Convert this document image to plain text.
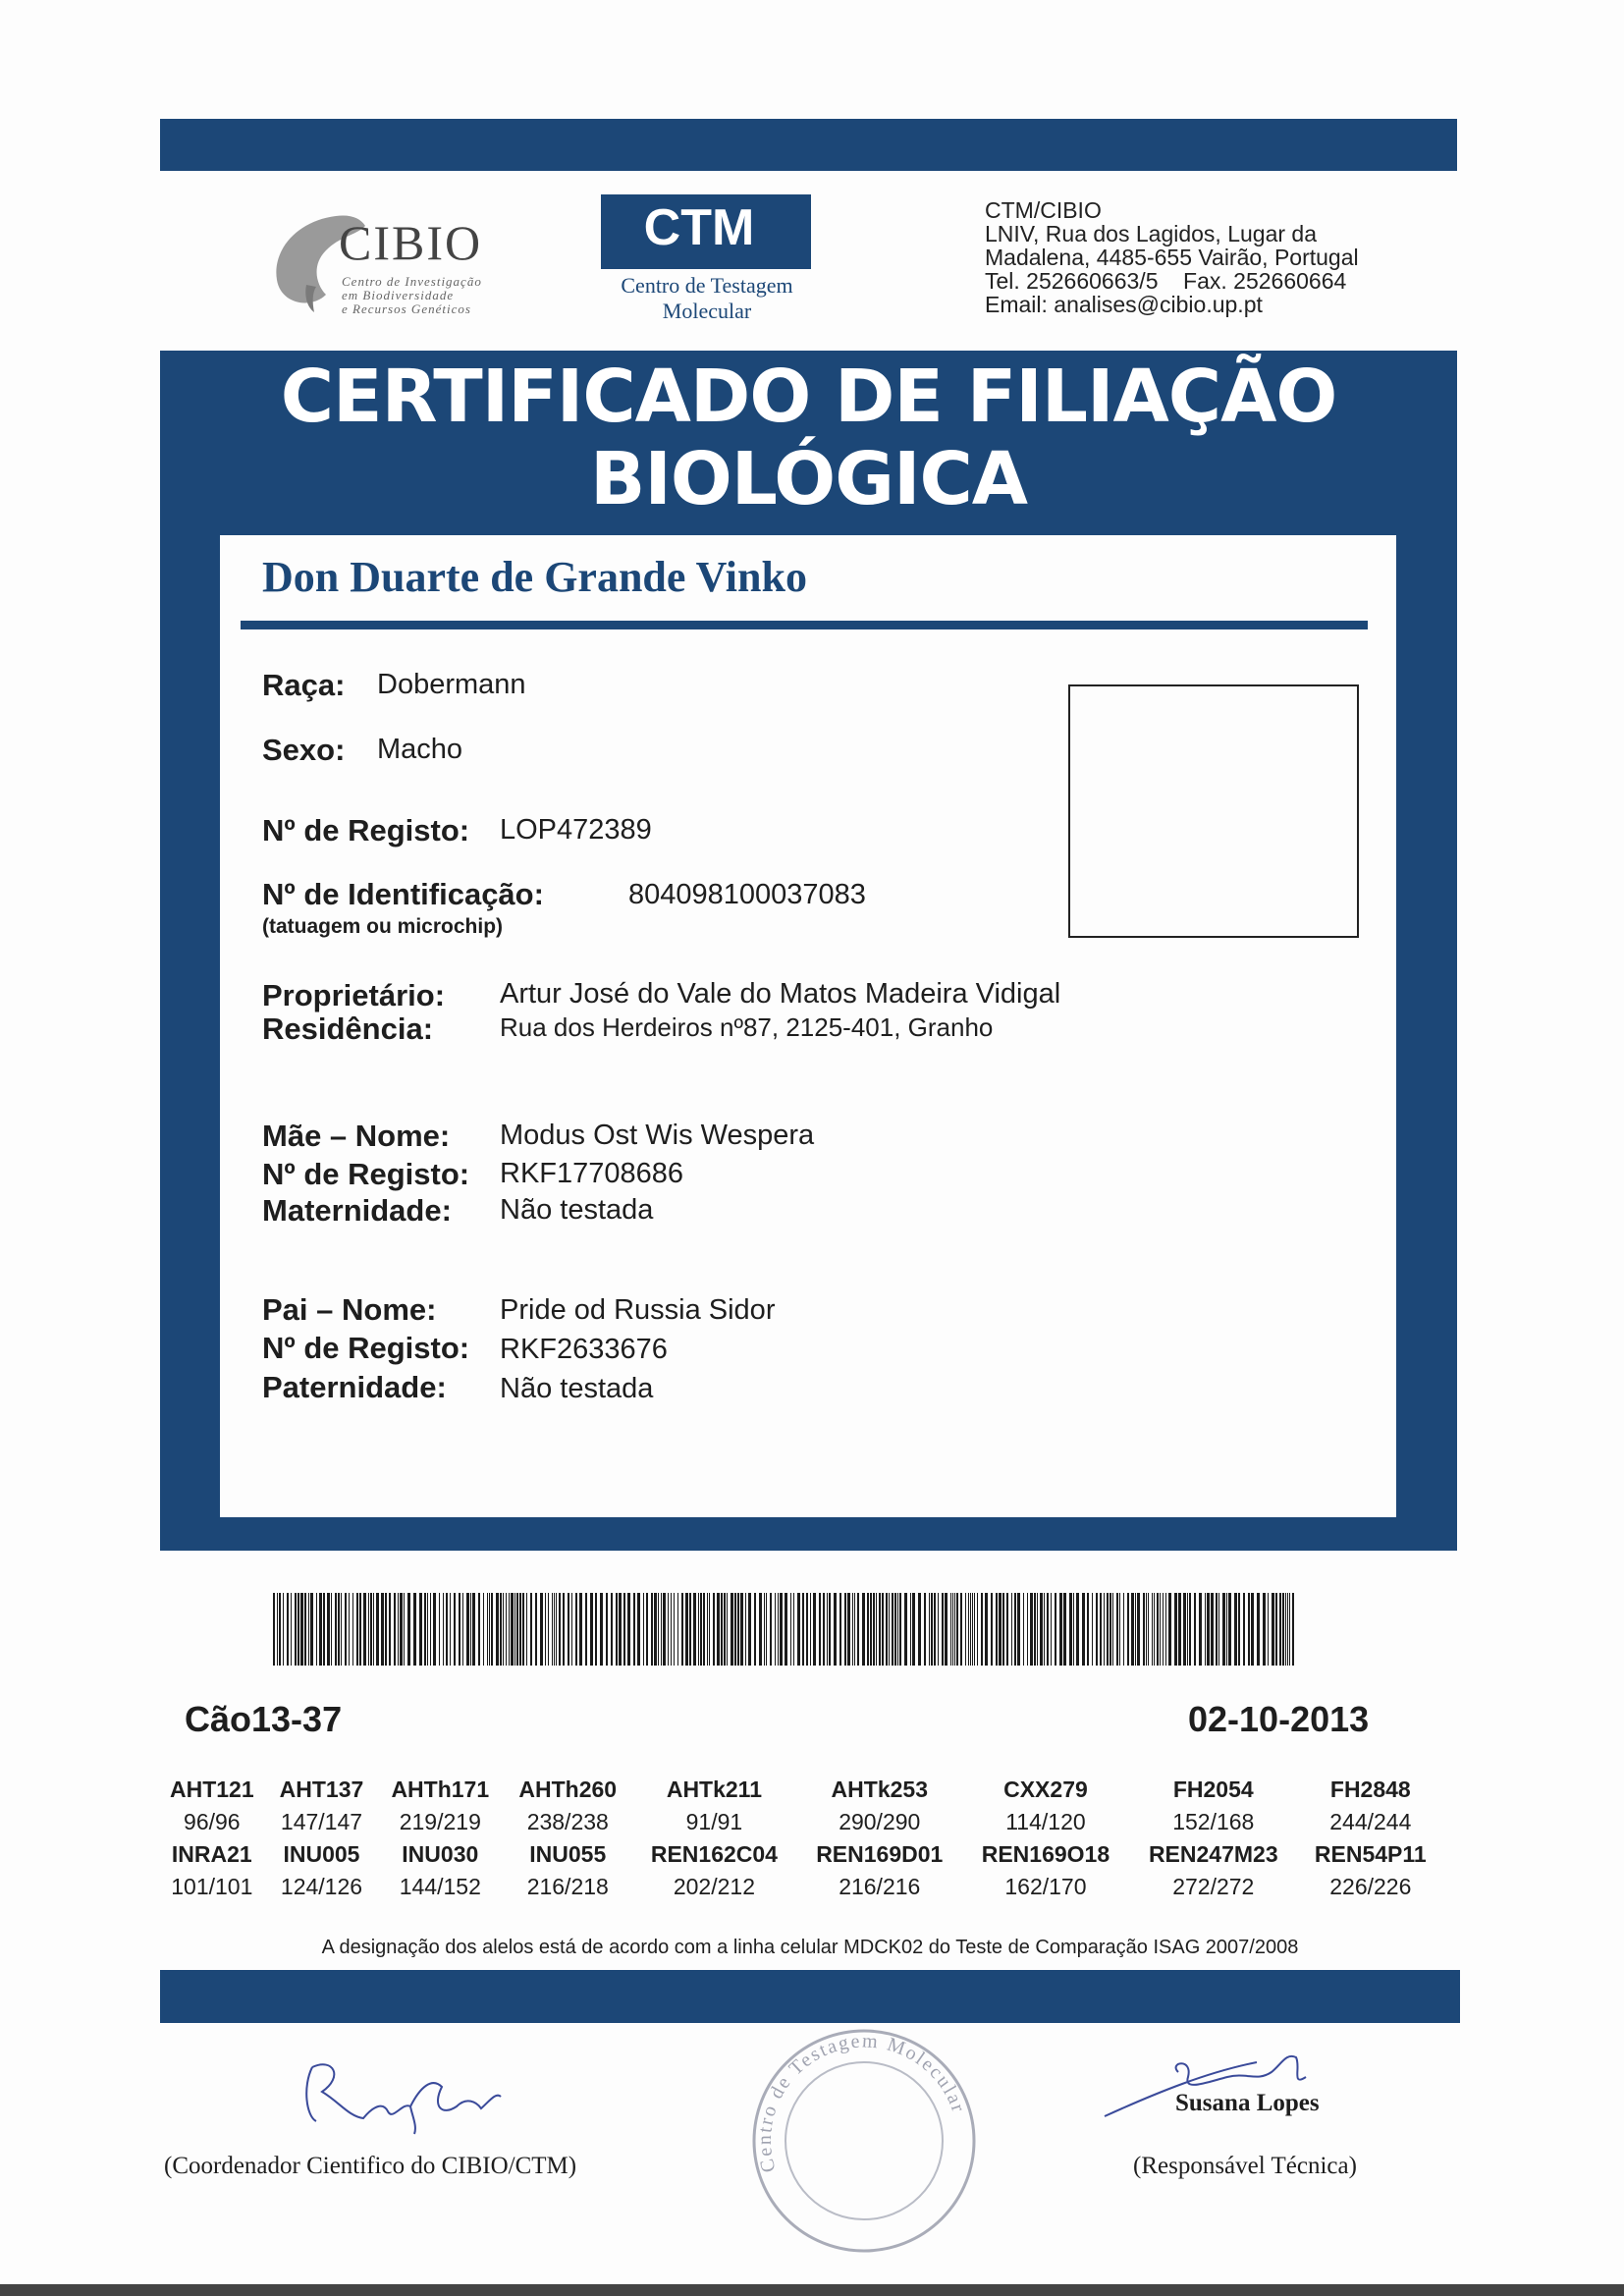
CIBIO
Centro de Investigação
em Biodiversidade
e Recursos Genéticos
CTM
Centro de Testagem
Molecular
CTM/CIBIO
LNIV, Rua dos Lagidos, Lugar da
Madalena, 4485-655 Vairão, Portugal
Tel. 252660663/5    Fax. 252660664
Email: analises@cibio.up.pt
CERTIFICADO DE FILIAÇÃO
BIOLÓGICA
Don Duarte de Grande Vinko
Raça: Dobermann
Sexo: Macho
Nº de Registo: LOP472389
Nº de Identificação:
(tatuagem ou microchip)
804098100037083
Proprietário: Artur José do Vale do Matos Madeira Vidigal
Residência:	Rua dos Herdeiros nº87, 2125-401, Granho
Mãe – Nome: Modus Ost Wis Wespera
Nº de Registo: RKF17708686
Maternidade: Não testada
Pai – Nome: Pride od Russia Sidor
Nº de Registo: RKF2633676
Paternidade: Não testada
Cão13-37	02-10-2013
AHT121	AHT137	AHTh171	AHTh260	AHTk211	AHTk253	CXX279	FH2054	FH2848
96/96	147/147	219/219	238/238	91/91	290/290	114/120	152/168	244/244
INRA21	INU005	INU030	INU055	REN162C04	REN169D01	REN169O18	REN247M23	REN54P11
101/101	124/126	144/152	216/218	202/212	216/216	162/170	272/272	226/226
A designação dos alelos está de acordo com a linha celular MDCK02 do Teste de Comparação ISAG 2007/2008
(Coordenador Cientifico do CIBIO/CTM)	Centro de Testagem Molecular	Susana Lopes
(Responsável Técnica)
